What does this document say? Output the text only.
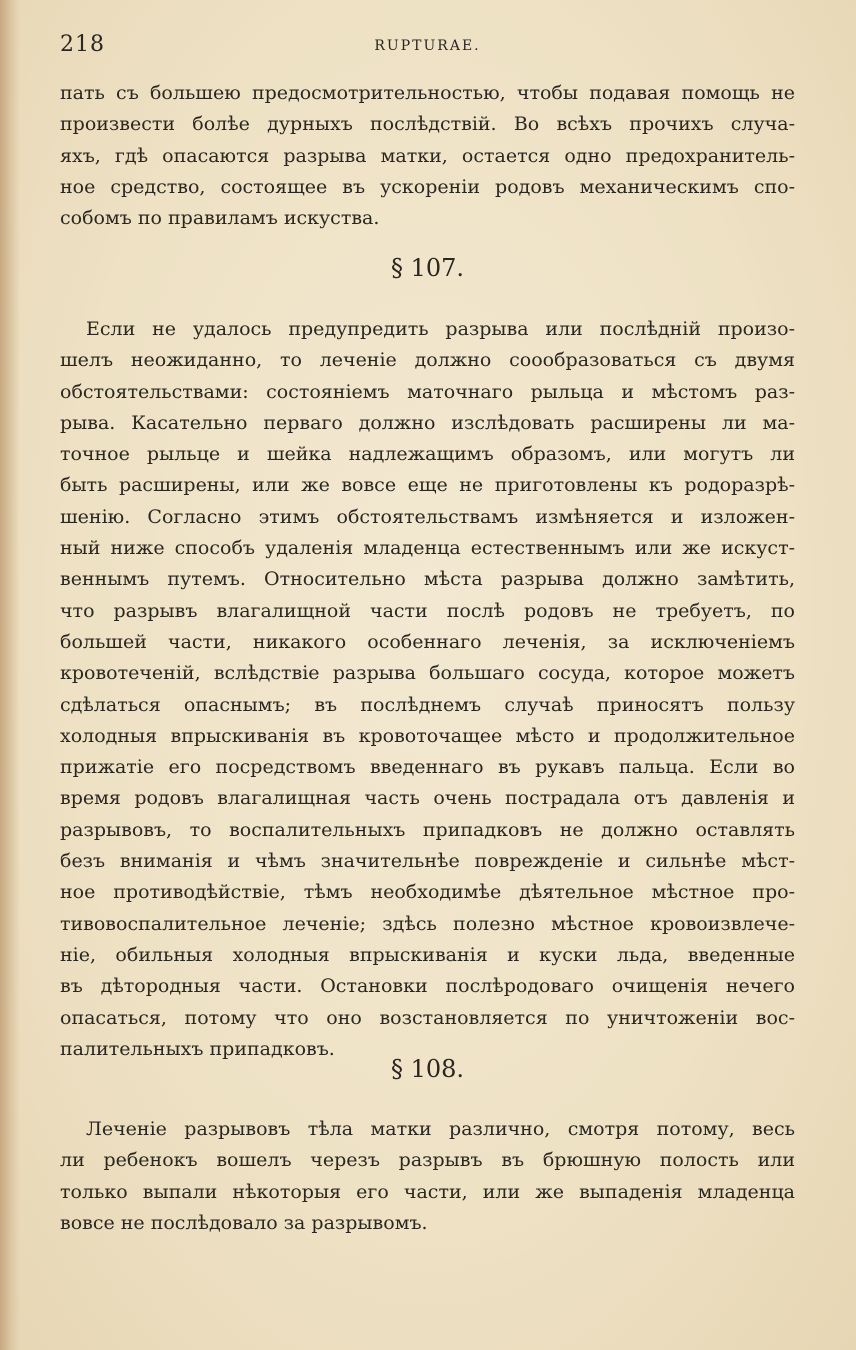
218	RUPTURAE.
пать съ большею предосмотрительностью, чтобы подавая помощь не
произвести болѣе дурныхъ послѣдствій. Во всѣхъ прочихъ случа-
яхъ, гдѣ опасаются разрыва матки, остается одно предохранитель-
ное средство, состоящее въ ускореніи родовъ механическимъ спо-
собомъ по правиламъ искуства.
§ 107.
Если не удалось предупредить разрыва или послѣдній произо-
шелъ неожиданно, то леченіе должно соообразоваться съ двумя
обстоятельствами: состояніемъ маточнаго рыльца и мѣстомъ раз-
рыва. Касательно перваго должно изслѣдовать расширены ли ма-
точное рыльце и шейка надлежащимъ образомъ, или могутъ ли
быть расширены, или же вовсе еще не приготовлены къ родоразрѣ-
шенію. Согласно этимъ обстоятельствамъ измѣняется и изложен-
ный ниже способъ удаленія младенца естественнымъ или же искуст-
веннымъ путемъ. Относительно мѣста разрыва должно замѣтить,
что разрывъ влагалищной части послѣ родовъ не требуетъ, по
большей части, никакого особеннаго леченія, за исключеніемъ
кровотеченій, вслѣдствіе разрыва большаго сосуда, которое можетъ
сдѣлаться опаснымъ; въ послѣднемъ случаѣ приносятъ пользу
холодныя впрыскиванія въ кровоточащее мѣсто и продолжительное
прижатіе его посредствомъ введеннаго въ рукавъ пальца. Если во
время родовъ влагалищная часть очень пострадала отъ давленія и
разрывовъ, то воспалительныхъ припадковъ не должно оставлять
безъ вниманія и чѣмъ значительнѣе поврежденіе и сильнѣе мѣст-
ное противодѣйствіе, тѣмъ необходимѣе дѣятельное мѣстное про-
тивовоспалительное леченіе; здѣсь полезно мѣстное кровоизвлече-
ніе, обильныя холодныя впрыскиванія и куски льда, введенные
въ дѣтородныя части. Остановки послѣродоваго очищенія нечего
опасаться, потому что оно возстановляется по уничтоженіи вос-
палительныхъ припадковъ.
§ 108.
Леченіе разрывовъ тѣла матки различно, смотря потому, весь
ли ребенокъ вошелъ черезъ разрывъ въ брюшную полость или
только выпали нѣкоторыя его части, или же выпаденія младенца
вовсе не послѣдовало за разрывомъ.
